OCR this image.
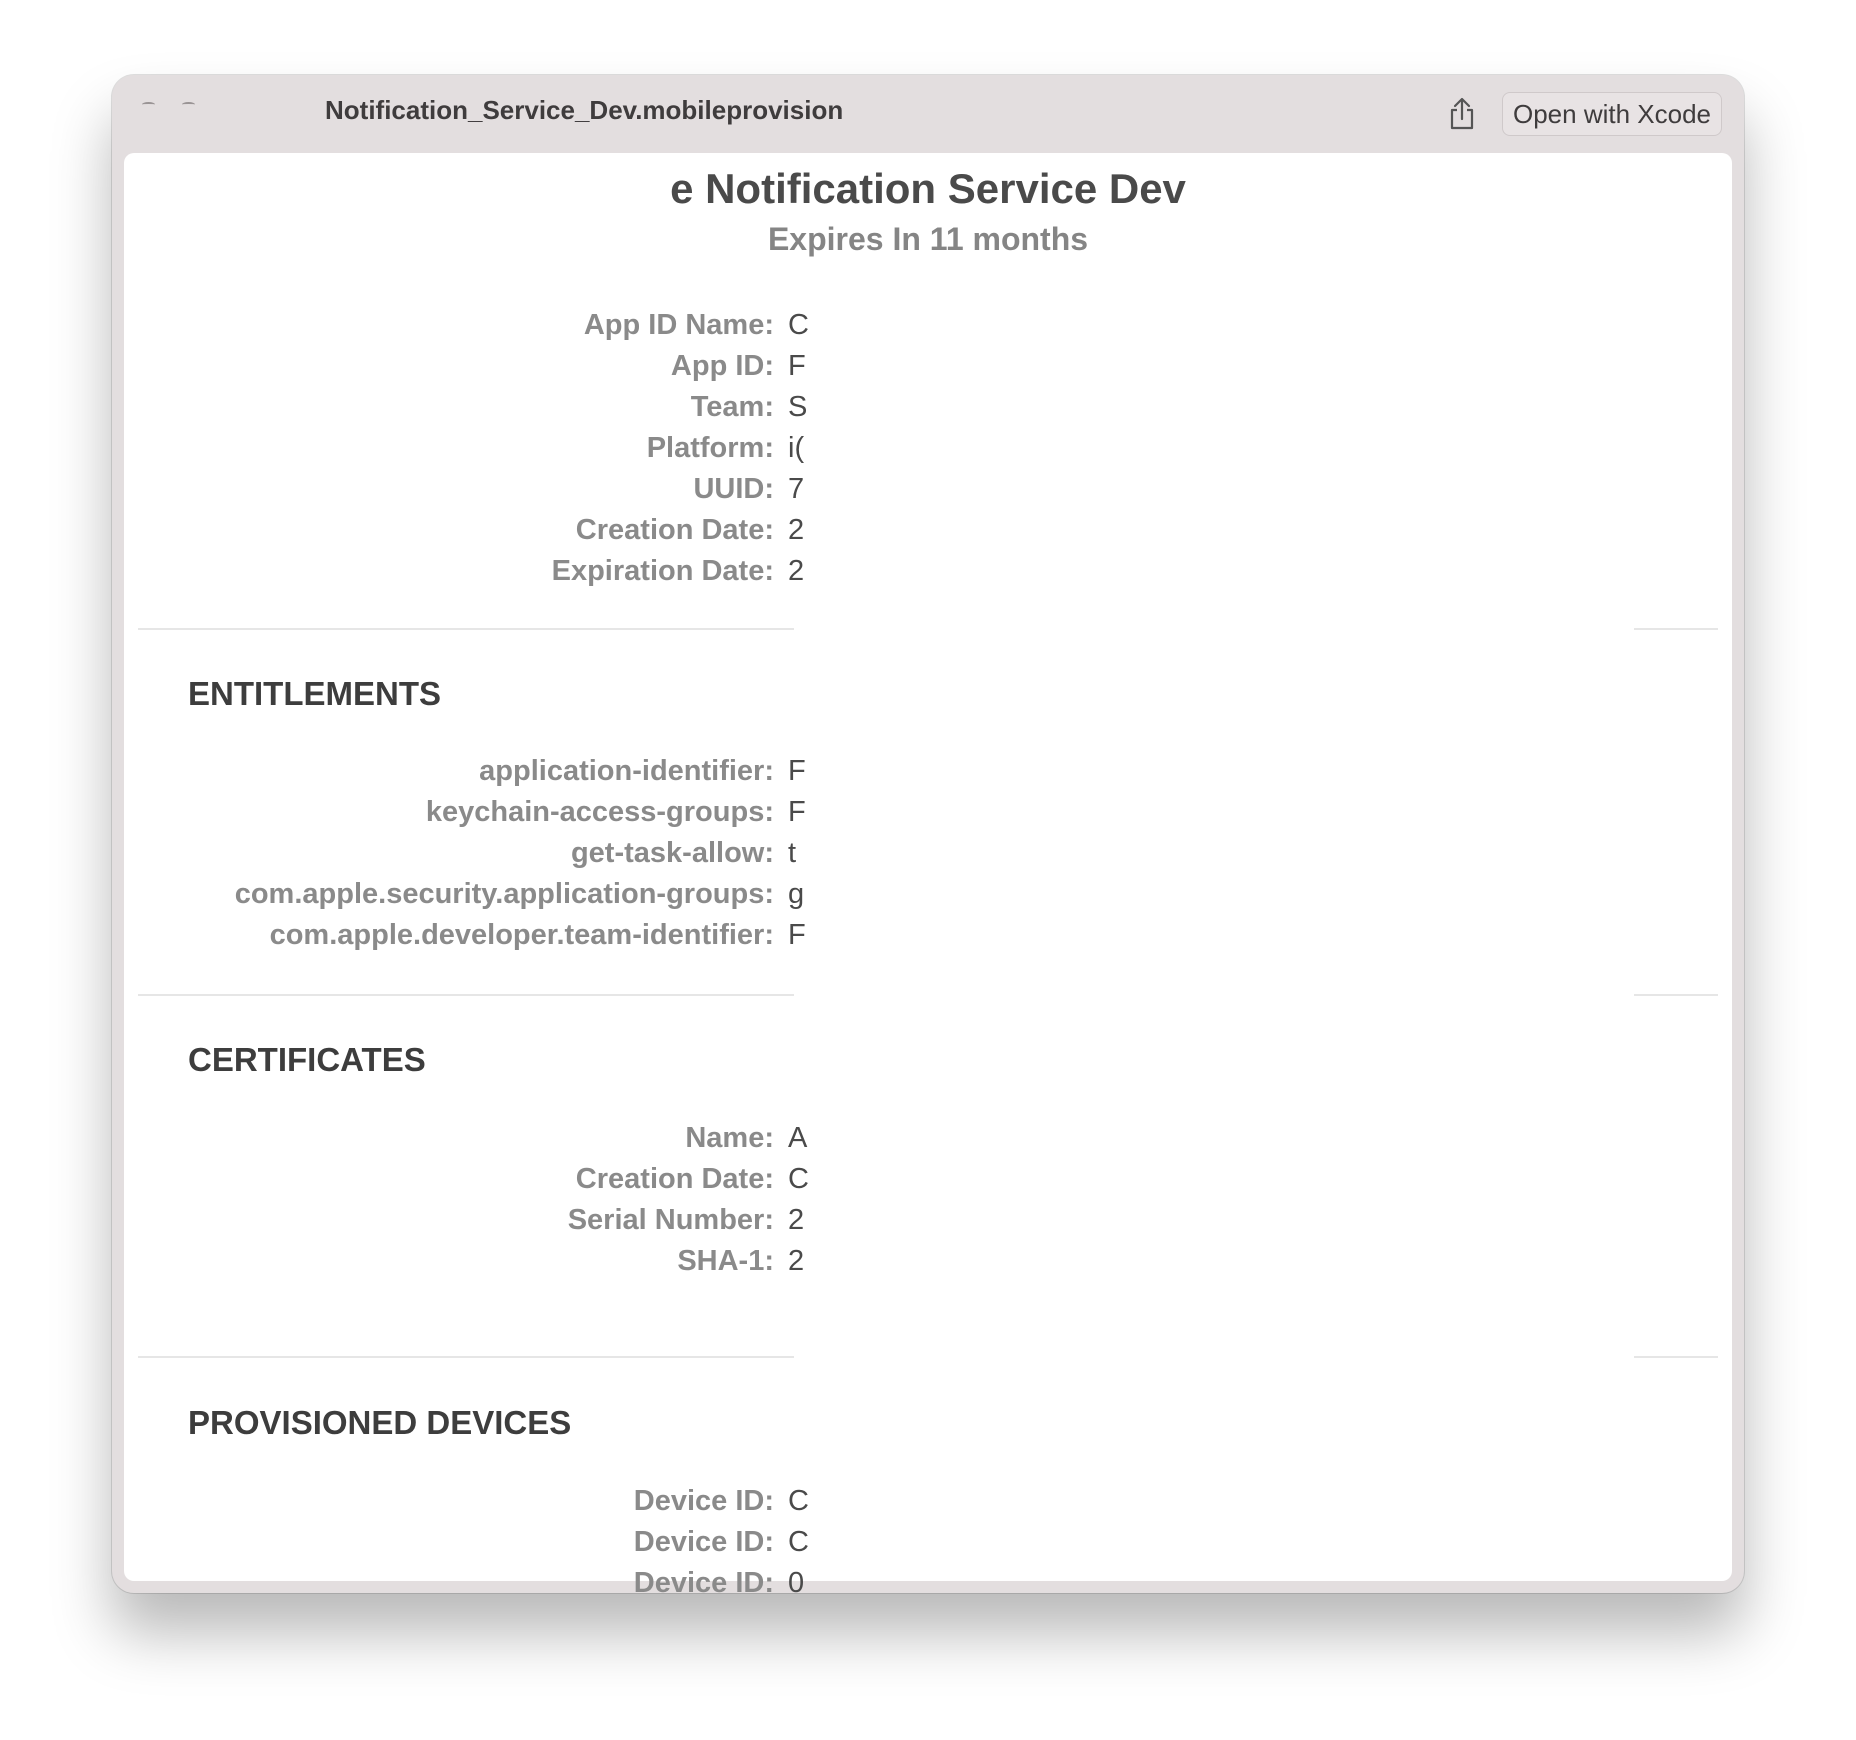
Notification_Service_Dev.mobileprovision	Open with Xcode
e Notification Service Dev
Expires In 11 months
App ID Name: C
App ID: F
Team: S
Platform: i(
UUID: 7
Creation Date: 2
Expiration Date: 2
ENTITLEMENTS
application-identifier: F
keychain-access-groups: F
get-task-allow: t
com.apple.security.application-groups: g
com.apple.developer.team-identifier: F
CERTIFICATES
Name: A
Creation Date: C
Serial Number: 2
SHA-1: 2
PROVISIONED DEVICES
Device ID: C
Device ID: C
Device ID: 0
